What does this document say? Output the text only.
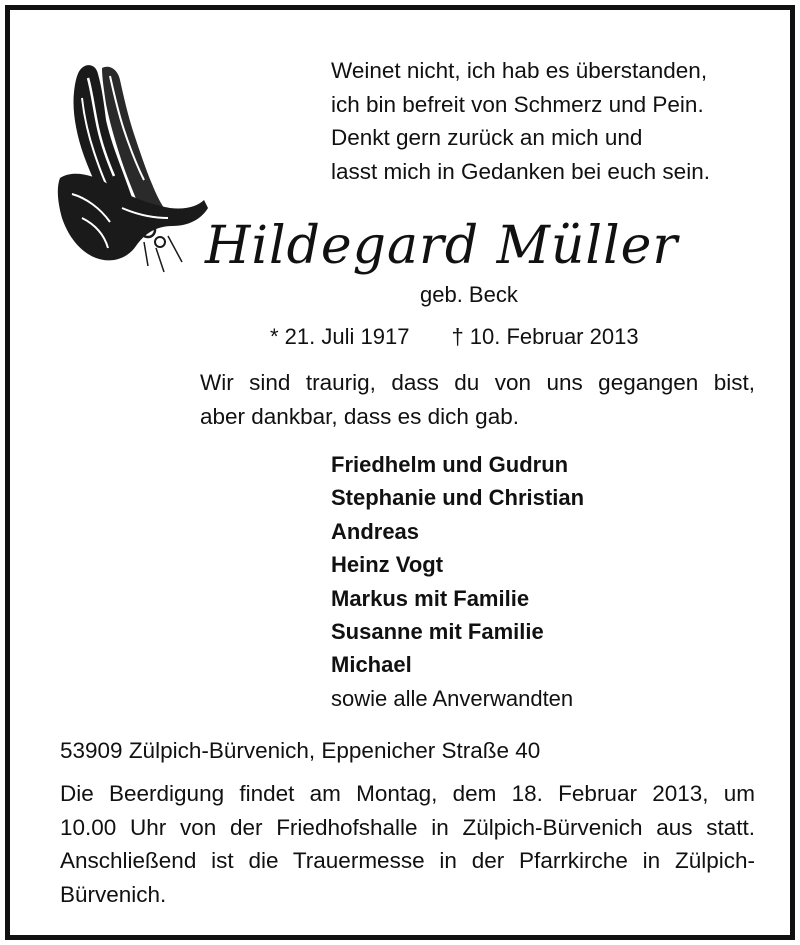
Weinet nicht, ich hab es überstanden,
ich bin befreit von Schmerz und Pein.
Denkt gern zurück an mich und
lasst mich in Gedanken bei euch sein.
Hildegard Müller
geb. Beck
* 21. Juli 1917 † 10. Februar 2013
Wir sind traurig, dass du von uns gegangen bist,
aber dankbar, dass es dich gab.
Friedhelm und Gudrun
Stephanie und Christian
Andreas
Heinz Vogt
Markus mit Familie
Susanne mit Familie
Michael
sowie alle Anverwandten
53909 Zülpich-Bürvenich, Eppenicher Straße 40
Die Beerdigung findet am Montag, dem 18. Februar 2013, um
10.00 Uhr von der Friedhofshalle in Zülpich-Bürvenich aus statt.
Anschließend ist die Trauermesse in der Pfarrkirche in Zülpich-
Bürvenich.
